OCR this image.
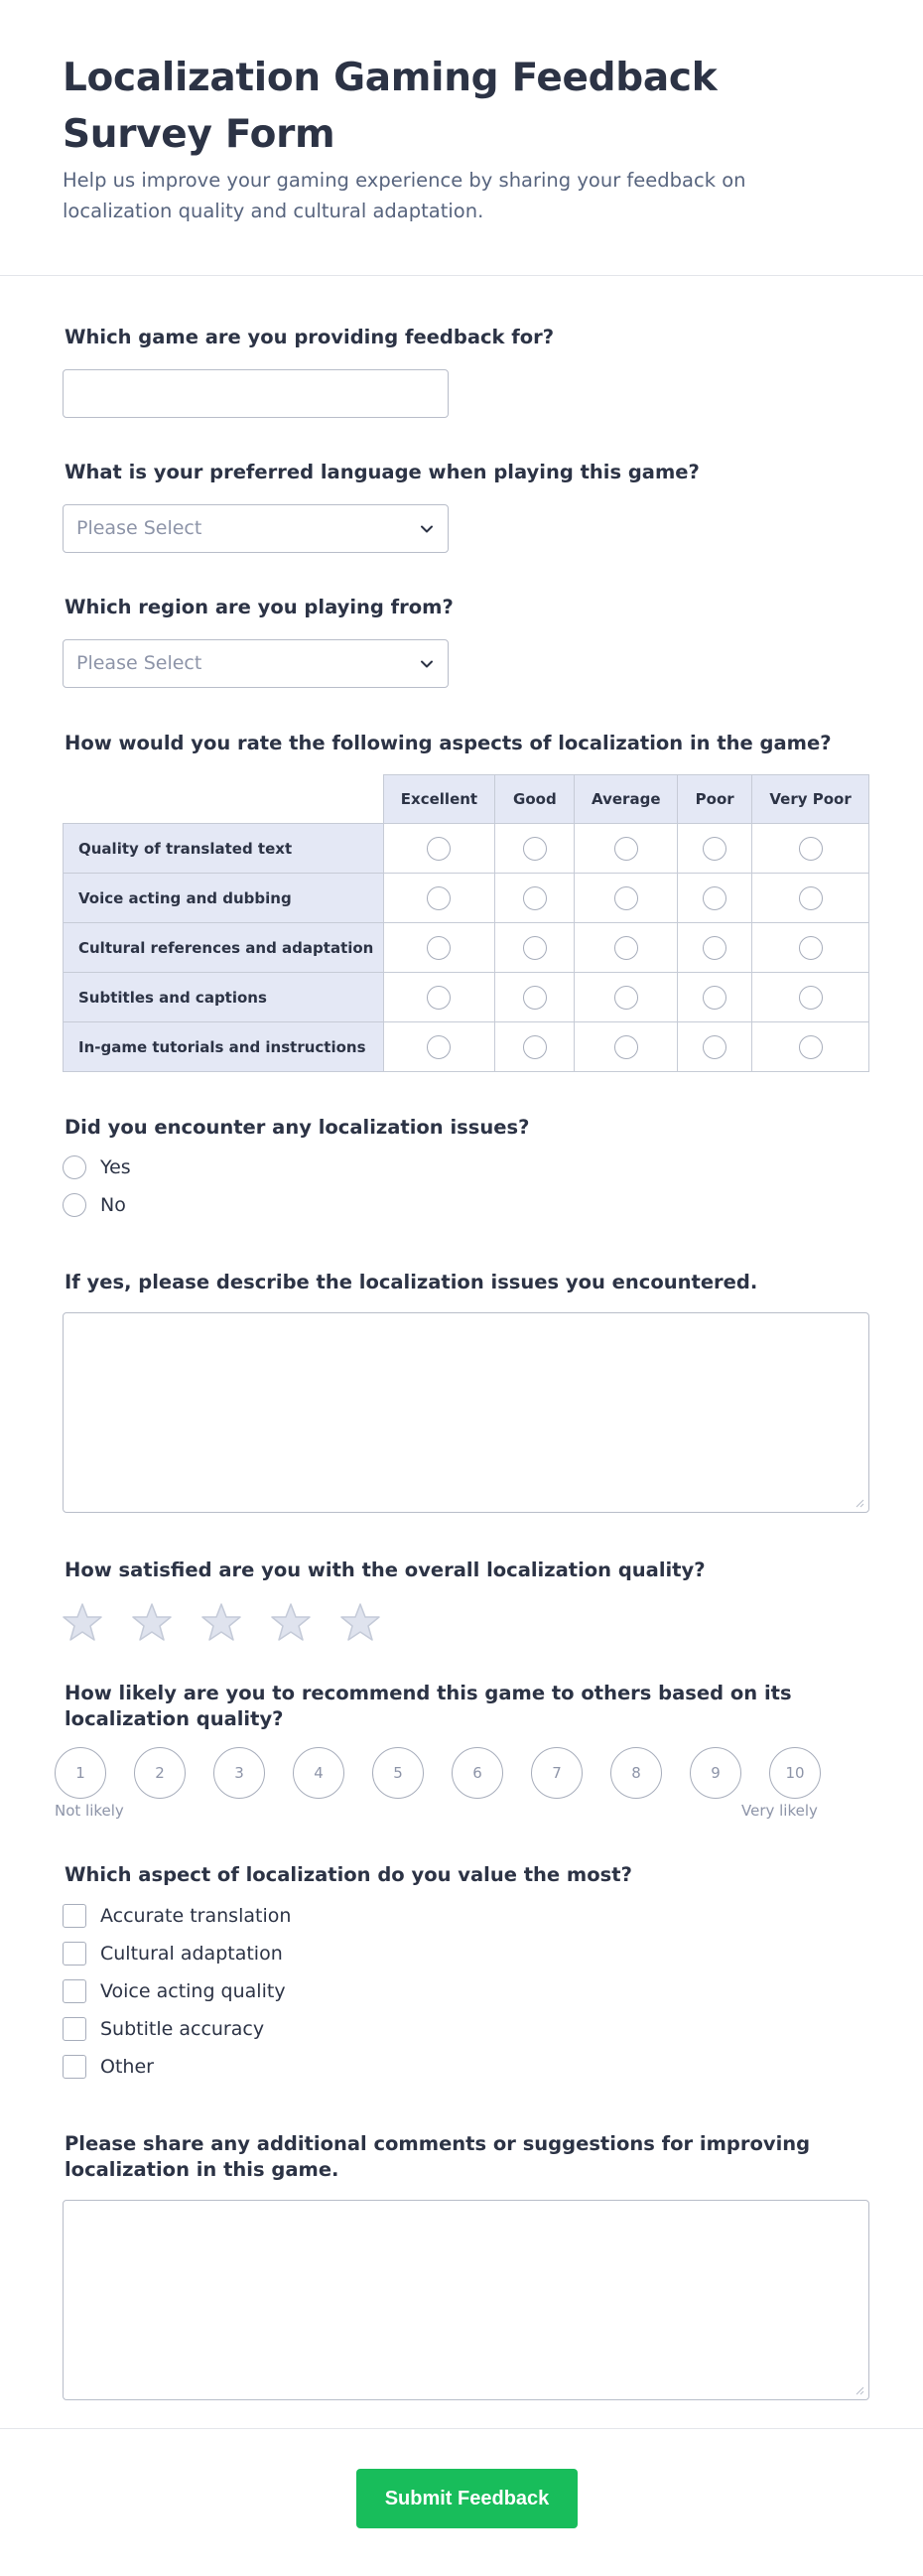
Localization Gaming Feedback Survey Form

Help us improve your gaming experience by sharing your feedback on localization quality and cultural adaptation.

Which game are you providing feedback for?
What is your preferred language when playing this game?
Please Select
Which region are you playing from?
Please Select
How would you rate the following aspects of localization in the game?
	Excellent	Good	Average	Poor	Very Poor
Quality of translated text					
Voice acting and dubbing					
Cultural references and adaptation					
Subtitles and captions					
In-game tutorials and instructions					
Did you encounter any localization issues?
Yes
No
If yes, please describe the localization issues you encountered.
How satisfied are you with the overall localization quality?
How likely are you to recommend this game to others based on its localization quality?
1	2	3	4	5	6	7	8	9	10
Not likely	Very likely
Which aspect of localization do you value the most?
Accurate translation
Cultural adaptation
Voice acting quality
Subtitle accuracy
Other
Please share any additional comments or suggestions for improving localization in this game.
Submit Feedback
